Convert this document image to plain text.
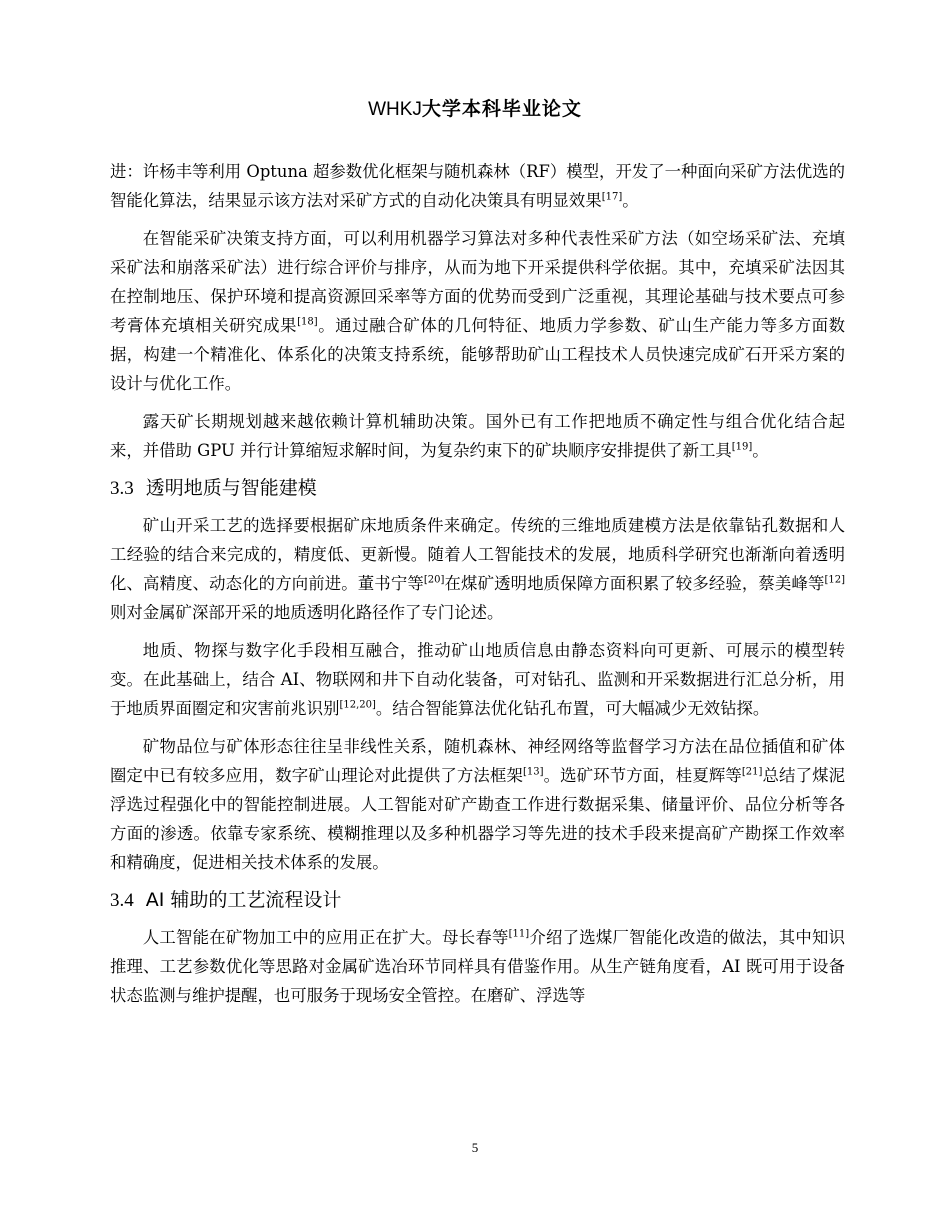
WHKJ大学本科毕业论文

进：许杨丰等利用 Optuna 超参数优化框架与随机森林（RF）模型，开发了一种面向采矿方法优选的智能化算法，结果显示该方法对采矿方式的自动化决策具有明显效果[17]。

在智能采矿决策支持方面，可以利用机器学习算法对多种代表性采矿方法（如空场采矿法、充填采矿法和崩落采矿法）进行综合评价与排序，从而为地下开采提供科学依据。其中，充填采矿法因其在控制地压、保护环境和提高资源回采率等方面的优势而受到广泛重视，其理论基础与技术要点可参考膏体充填相关研究成果[18]。通过融合矿体的几何特征、地质力学参数、矿山生产能力等多方面数据，构建一个精准化、体系化的决策支持系统，能够帮助矿山工程技术人员快速完成矿石开采方案的设计与优化工作。

露天矿长期规划越来越依赖计算机辅助决策。国外已有工作把地质不确定性与组合优化结合起来，并借助 GPU 并行计算缩短求解时间，为复杂约束下的矿块顺序安排提供了新工具[19]。

3.3 透明地质与智能建模

矿山开采工艺的选择要根据矿床地质条件来确定。传统的三维地质建模方法是依靠钻孔数据和人工经验的结合来完成的，精度低、更新慢。随着人工智能技术的发展，地质科学研究也渐渐向着透明化、高精度、动态化的方向前进。董书宁等[20]在煤矿透明地质保障方面积累了较多经验，蔡美峰等[12]则对金属矿深部开采的地质透明化路径作了专门论述。

地质、物探与数字化手段相互融合，推动矿山地质信息由静态资料向可更新、可展示的模型转变。在此基础上，结合 AI、物联网和井下自动化装备，可对钻孔、监测和开采数据进行汇总分析，用于地质界面圈定和灾害前兆识别[12,20]。结合智能算法优化钻孔布置，可大幅减少无效钻探。

矿物品位与矿体形态往往呈非线性关系，随机森林、神经网络等监督学习方法在品位插值和矿体圈定中已有较多应用，数字矿山理论对此提供了方法框架[13]。选矿环节方面，桂夏辉等[21]总结了煤泥浮选过程强化中的智能控制进展。人工智能对矿产勘查工作进行数据采集、储量评价、品位分析等各方面的渗透。依靠专家系统、模糊推理以及多种机器学习等先进的技术手段来提高矿产勘探工作效率和精确度，促进相关技术体系的发展。

3.4 AI 辅助的工艺流程设计

人工智能在矿物加工中的应用正在扩大。母长春等[11]介绍了选煤厂智能化改造的做法，其中知识推理、工艺参数优化等思路对金属矿选冶环节同样具有借鉴作用。从生产链角度看，AI 既可用于设备状态监测与维护提醒，也可服务于现场安全管控。在磨矿、浮选等

5
